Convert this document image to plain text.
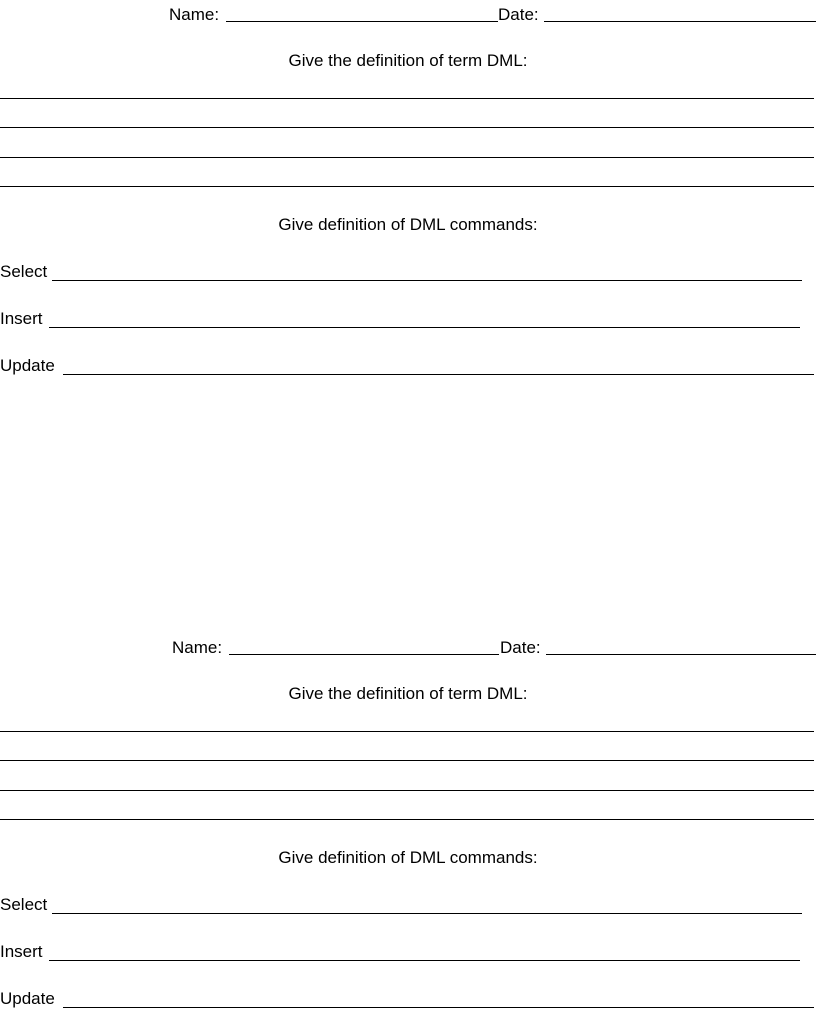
Name:	Date:
Give the definition of term DML:
Give definition of DML commands:
Select
Insert
Update
Name:	Date:
Give the definition of term DML:
Give definition of DML commands:
Select
Insert
Update
